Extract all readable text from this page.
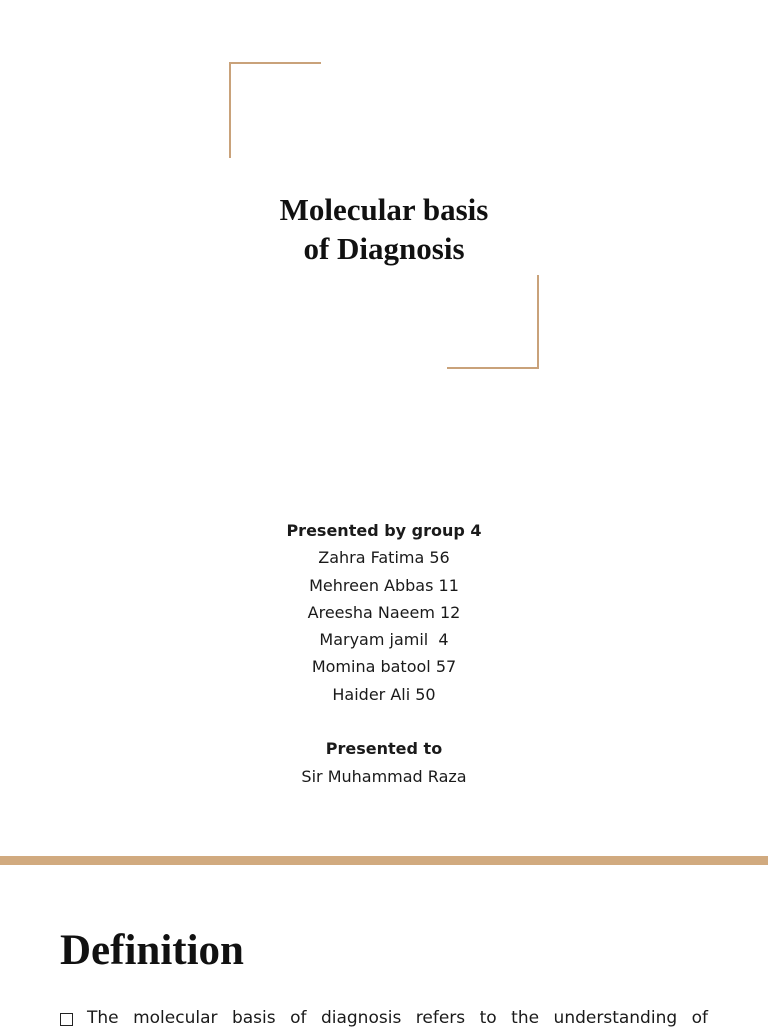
Molecular basis
of Diagnosis
Presented by group 4
Zahra Fatima 56
Mehreen Abbas 11
Areesha Naeem 12
Maryam jamil  4
Momina batool 57
Haider Ali 50
Presented to
Sir Muhammad Raza
Definition
The molecular basis of diagnosis refers to the understanding of
